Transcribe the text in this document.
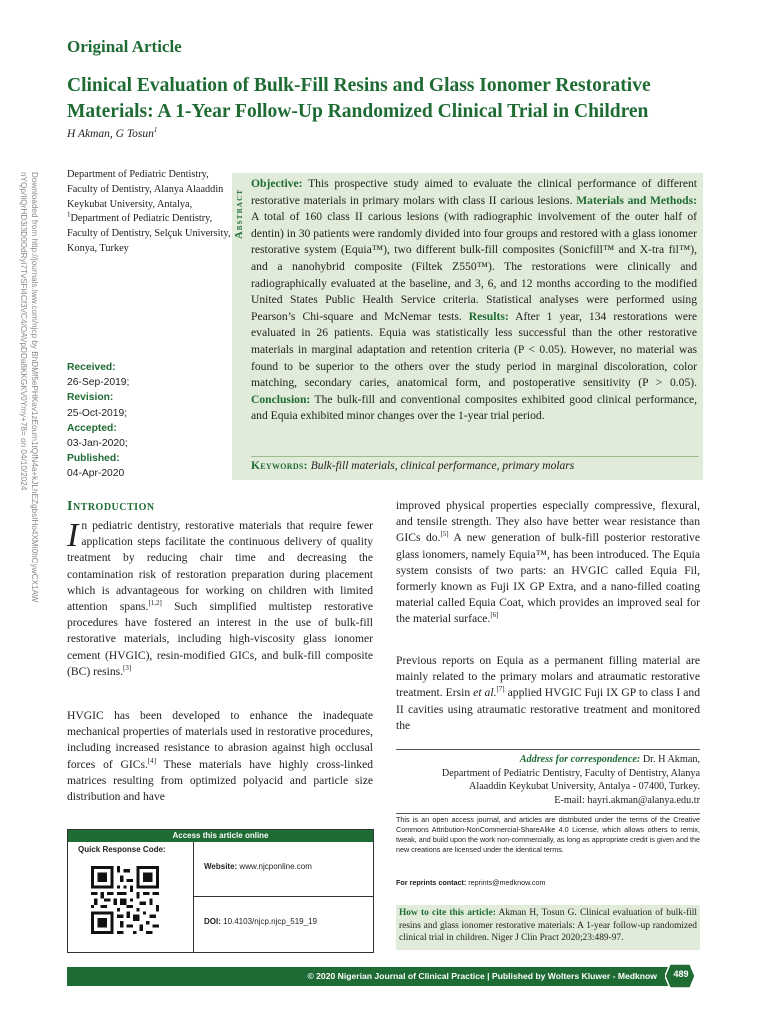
Downloaded from http://journals.lww.com/njcp by BhDMf5ePHKav1zEoum1tQfN4a+kJLhEZgbsIHo4XMi0hCywCX1AW
nYQp/IlQrHD3i3D0OdRyi7TvSFl4Cf3VC4/OAVpDDa8KKGKV0Ymy+78= on 04/10/2024
Original Article
Clinical Evaluation of Bulk-Fill Resins and Glass Ionomer Restorative Materials: A 1-Year Follow-Up Randomized Clinical Trial in Children
H Akman, G Tosun$^1$
Department of Pediatric Dentistry, Faculty of Dentistry, Alanya Alaaddin Keykubat University, Antalya, $^1$Department of Pediatric Dentistry, Faculty of Dentistry, Selçuk University, Konya, Turkey
Received:
26-Sep-2019;
Revision:
25-Oct-2019;
Accepted:
03-Jan-2020;
Published:
04-Apr-2020
Abstract
Objective: This prospective study aimed to evaluate the clinical performance of different restorative materials in primary molars with class II carious lesions. Materials and Methods: A total of 160 class II carious lesions (with radiographic involvement of the outer half of dentin) in 30 patients were randomly divided into four groups and restored with a glass ionomer restorative system (Equia™), two different bulk-fill composites (Sonicfill™ and X-tra fil™), and a nanohybrid composite (Filtek Z550™). The restorations were clinically and radiographically evaluated at the baseline, and 3, 6, and 12 months according to the modified United States Public Health Service criteria. Statistical analyses were performed using Pearson’s Chi-square and McNemar tests. Results: After 1 year, 134 restorations were evaluated in 26 patients. Equia was statistically less successful than the other restorative materials in marginal adaptation and retention criteria (P < 0.05). However, no material was found to be superior to the others over the study period in marginal discoloration, color matching, secondary caries, anatomical form, and postoperative sensitivity (P > 0.05). Conclusion: The bulk-fill and conventional composites exhibited good clinical performance, and Equia exhibited minor changes over the 1-year trial period.
Keywords: Bulk-fill materials, clinical performance, primary molars
Introduction
In pediatric dentistry, restorative materials that require fewer application steps facilitate the continuous delivery of quality treatment by reducing chair time and decreasing the contamination risk of restoration preparation during placement which is advantageous for working on children with limited attention spans.[1,2] Such simplified multistep restorative procedures have fostered an interest in the use of bulk-fill restorative materials, including high-viscosity glass ionomer cement (HVGIC), resin-modified GICs, and bulk-fill composite (BC) resins.[3]
HVGIC has been developed to enhance the inadequate mechanical properties of materials used in restorative procedures, including increased resistance to abrasion against high occlusal forces of GICs.[4] These materials have highly cross-linked matrices resulting from optimized polyacid and particle size distribution and have
improved physical properties especially compressive, flexural, and tensile strength. They also have better wear resistance than GICs do.[5] A new generation of bulk-fill posterior restorative glass ionomers, namely Equia™, has been introduced. The Equia system consists of two parts: an HVGIC called Equia Fil, formerly known as Fuji IX GP Extra, and a nano-filled coating material called Equia Coat, which provides an improved seal for the material surface.[6]
Previous reports on Equia as a permanent filling material are mainly related to the primary molars and atraumatic restorative treatment. Ersin et al.[7] applied HVGIC Fuji IX GP to class I and II cavities using atraumatic restorative treatment and monitored the
Address for correspondence: Dr. H Akman,
Department of Pediatric Dentistry, Faculty of Dentistry, Alanya
Alaaddin Keykubat University, Antalya - 07400, Turkey.
E-mail: hayri.akman@alanya.edu.tr
This is an open access journal, and articles are distributed under the terms of the Creative Commons Attribution-NonCommercial-ShareAlike 4.0 License, which allows others to remix, tweak, and build upon the work non-commercially, as long as appropriate credit is given and the new creations are licensed under the identical terms.
For reprints contact: reprints@medknow.com
How to cite this article: Akman H, Tosun G. Clinical evaluation of bulk-fill resins and glass ionomer restorative materials: A 1-year follow-up randomized clinical trial in children. Niger J Clin Pract 2020;23:489-97.
Access this article online
Quick Response Code:
Website: www.njcponline.com
DOI: 10.4103/njcp.njcp_519_19
© 2020 Nigerian Journal of Clinical Practice | Published by Wolters Kluwer - Medknow	489
